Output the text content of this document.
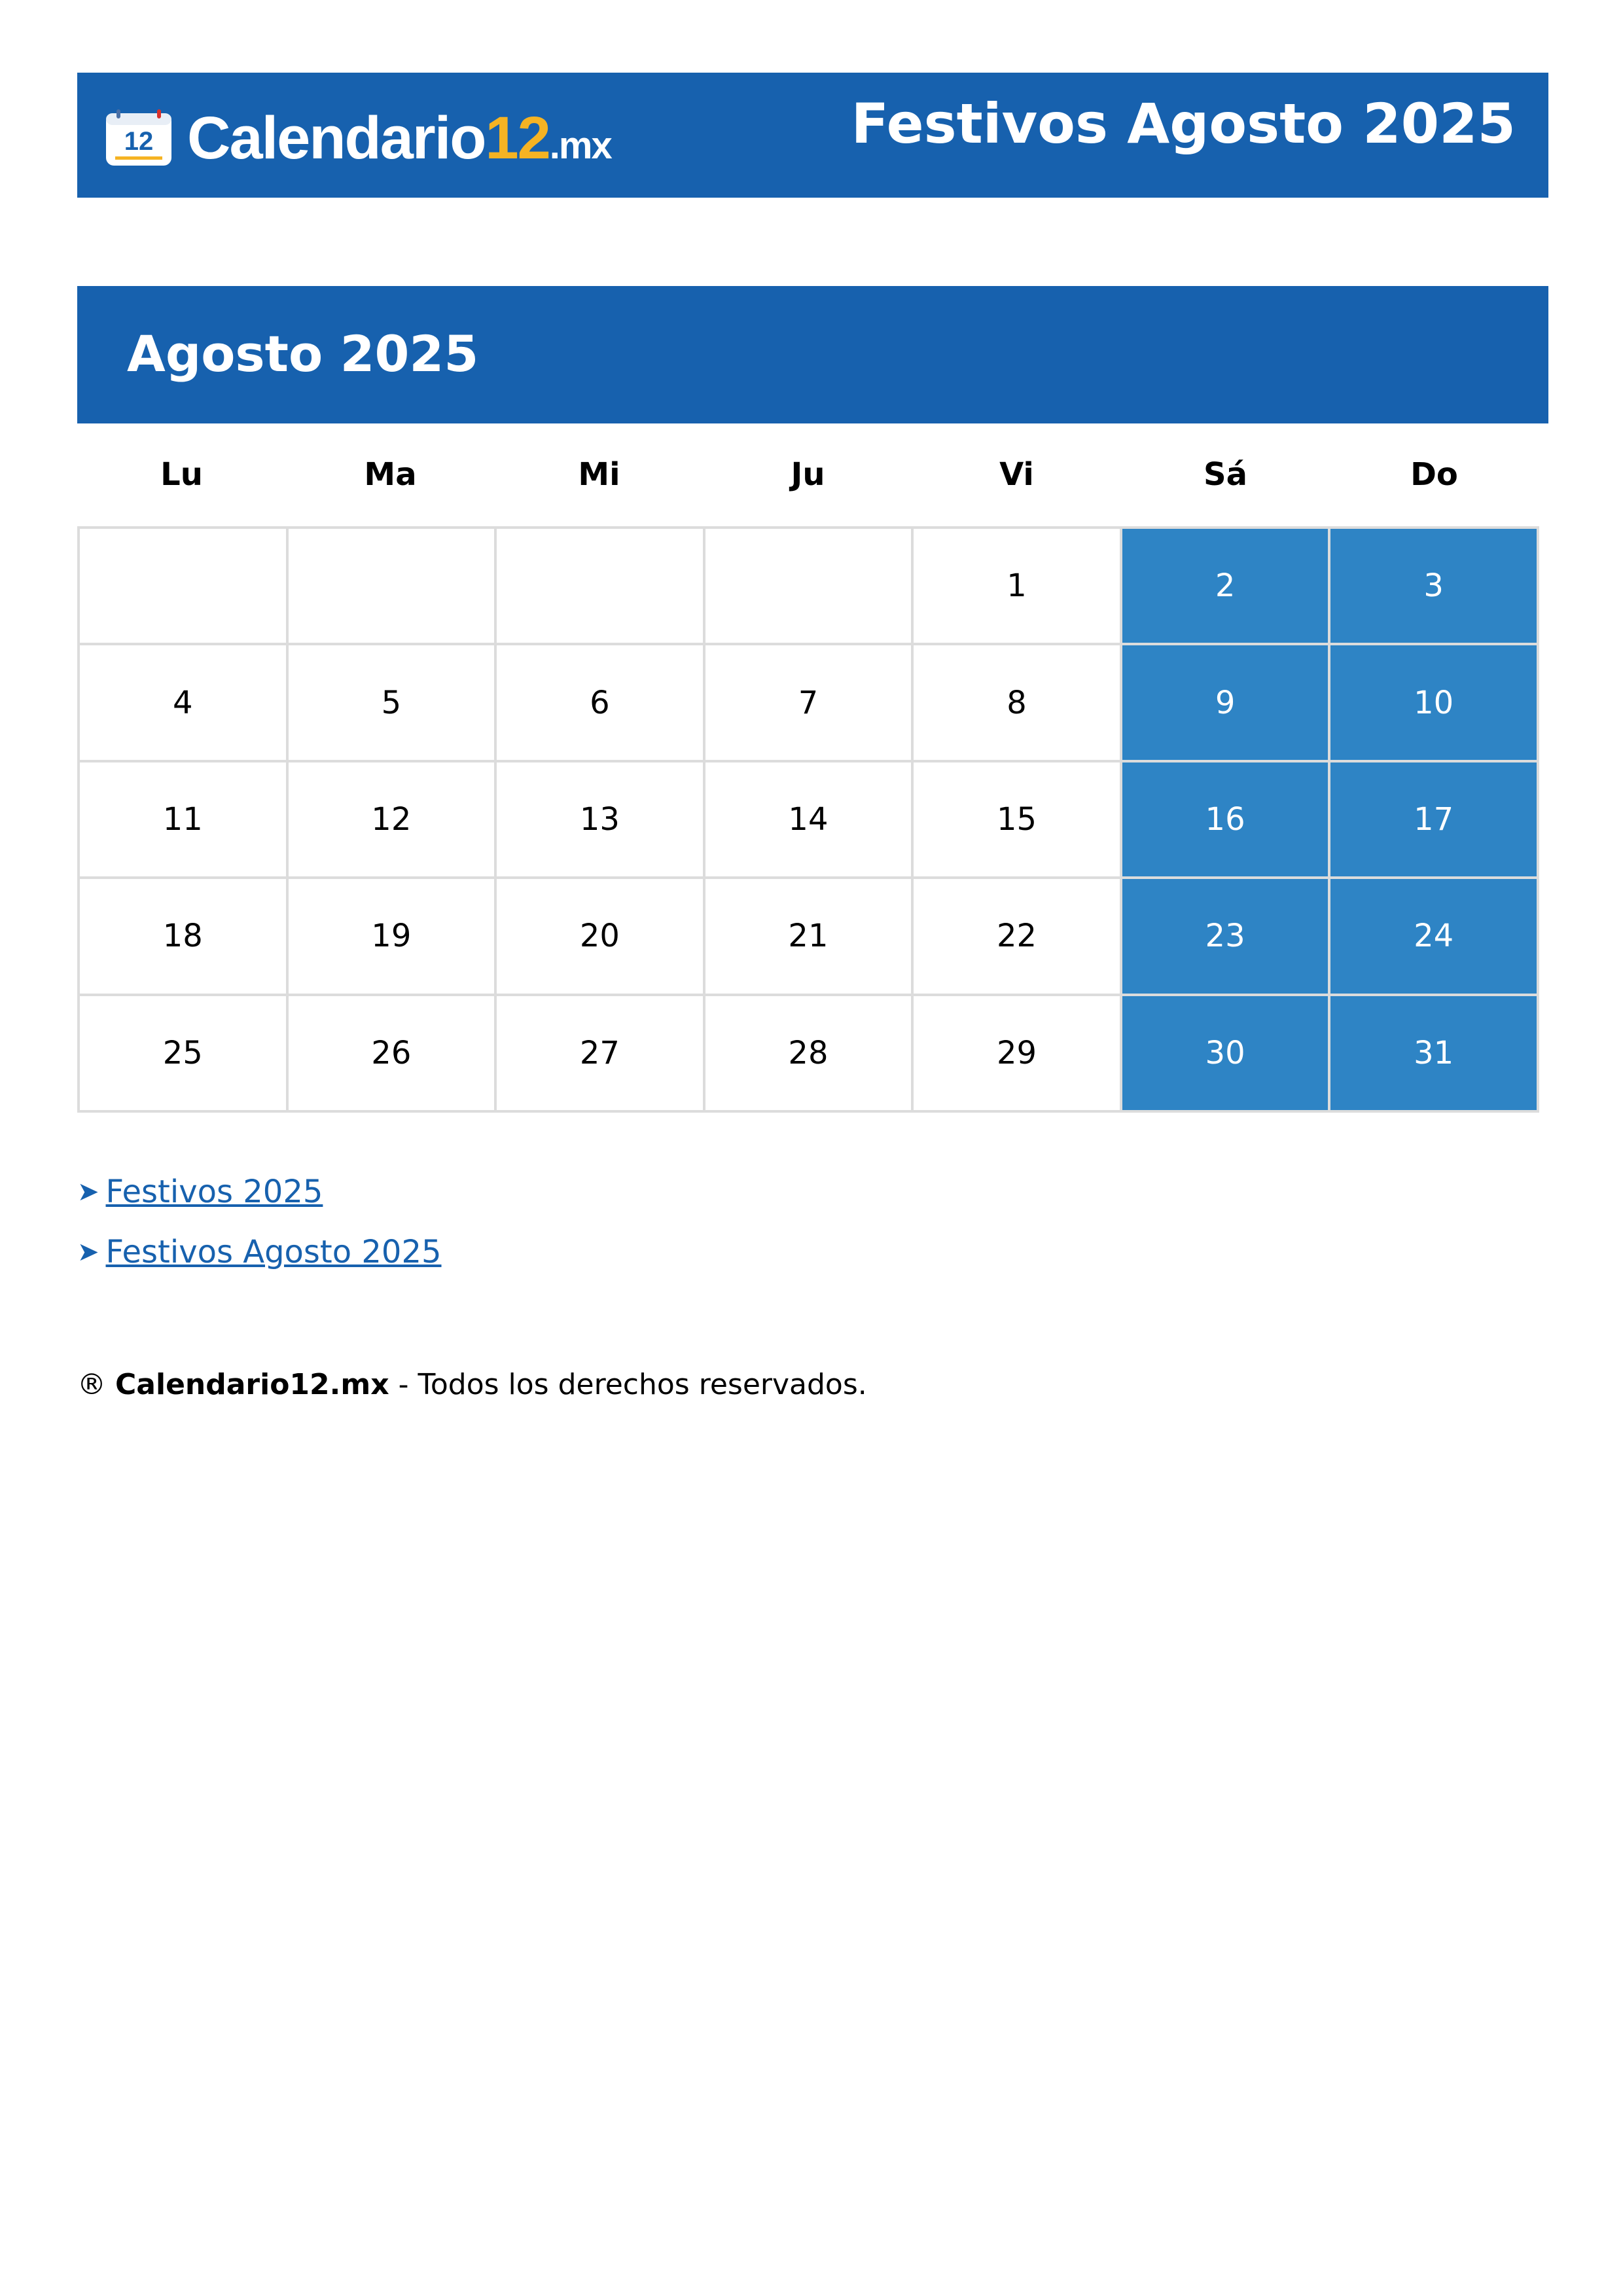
12 Calendario12.mx	Festivos Agosto 2025
Agosto 2025
Lu	Ma	Mi	Ju	Vi	Sá	Do
				1	2	3
4	5	6	7	8	9	10
11	12	13	14	15	16	17
18	19	20	21	22	23	24
25	26	27	28	29	30	31
➤ Festivos 2025
➤ Festivos Agosto 2025
® Calendario12.mx - Todos los derechos reservados.
